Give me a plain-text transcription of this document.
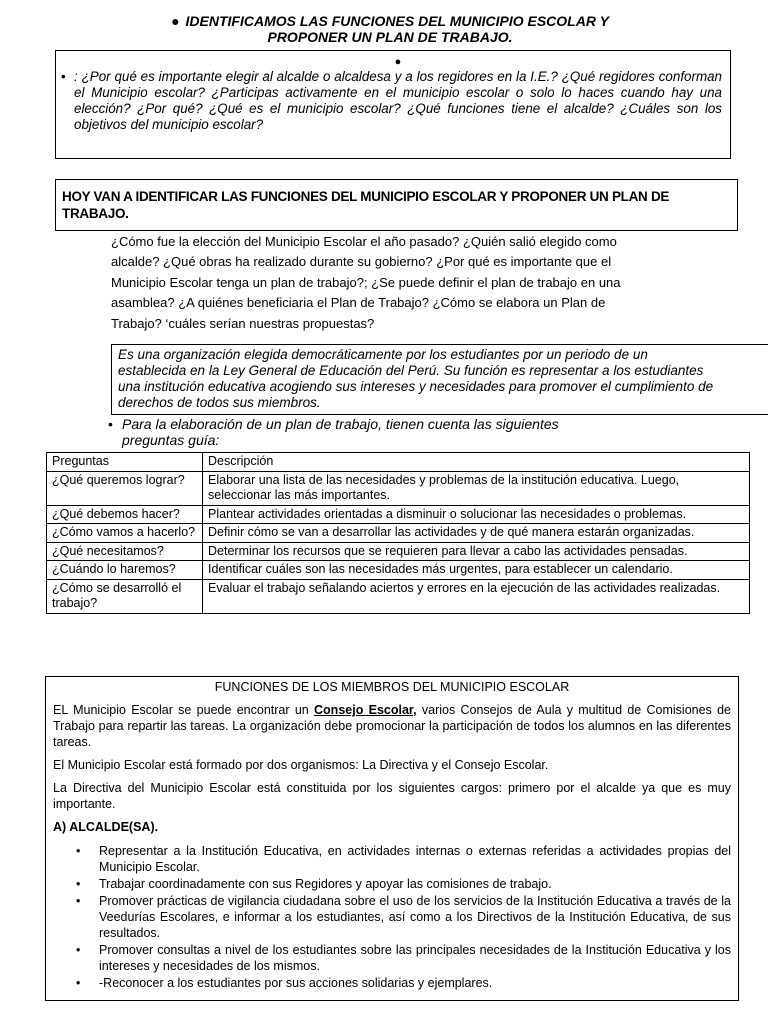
● IDENTIFICAMOS LAS FUNCIONES DEL MUNICIPIO ESCOLAR Y
PROPONER UN PLAN DE TRABAJO.
●
• : ¿Por qué es importante elegir al alcalde o alcaldesa y a los regidores en la I.E.? ¿Qué regidores conforman el Municipio escolar? ¿Participas activamente en el municipio escolar o solo lo haces cuando hay una elección? ¿Por qué? ¿Qué es el municipio escolar? ¿Qué funciones tiene el alcalde? ¿Cuáles son los objetivos del municipio escolar?
HOY VAN A IDENTIFICAR LAS FUNCIONES DEL MUNICIPIO ESCOLAR Y PROPONER UN PLAN DE TRABAJO.
¿Cómo fue la elección del Municipio Escolar el año pasado? ¿Quién salió elegido como alcalde? ¿Qué obras ha realizado durante su gobierno? ¿Por qué es importante que el Municipio Escolar tenga un plan de trabajo?; ¿Se puede definir el plan de trabajo en una asamblea? ¿A quiénes beneficiaria el Plan de Trabajo? ¿Cómo se elabora un Plan de Trabajo? ‘cuáles serían nuestras propuestas?
Es una organización elegida democráticamente por los estudiantes por un periodo de un
establecida en la Ley General de Educación del Perú. Su función es representar a los estudiantes
una institución educativa acogiendo sus intereses y necesidades para promover el cumplimiento de
derechos de todos sus miembros.
• Para la elaboración de un plan de trabajo, tienen cuenta las siguientes
preguntas guía:
Preguntas	Descripción
¿Qué queremos lograr?	Elaborar una lista de las necesidades y problemas de la institución educativa. Luego, seleccionar las más importantes.
¿Qué debemos hacer?	Plantear actividades orientadas a disminuir o solucionar las necesidades o problemas.
¿Cómo vamos a hacerlo?	Definir cómo se van a desarrollar las actividades y de qué manera estarán organizadas.
¿Qué necesitamos?	Determinar los recursos que se requieren para llevar a cabo las actividades pensadas.
¿Cuándo lo haremos?	Identificar cuáles son las necesidades más urgentes, para establecer un calendario.
¿Cómo se desarrolló el trabajo?	Evaluar el trabajo señalando aciertos y errores en la ejecución de las actividades realizadas.
FUNCIONES DE LOS MIEMBROS DEL MUNICIPIO ESCOLAR

EL Municipio Escolar se puede encontrar un Consejo Escolar, varios Consejos de Aula y multitud de Comisiones de Trabajo para repartir las tareas. La organización debe promocionar la participación de todos los alumnos en las diferentes tareas.

El Municipio Escolar está formado por dos organismos: La Directiva y el Consejo Escolar.

La Directiva del Municipio Escolar está constituida por los siguientes cargos: primero por el alcalde ya que es muy importante.

A) ALCALDE(SA).
• Representar a la Institución Educativa, en actividades internas o externas referidas a actividades propias del Municipio Escolar.
• Trabajar coordinadamente con sus Regidores y apoyar las comisiones de trabajo.
• Promover prácticas de vigilancia ciudadana sobre el uso de los servicios de la Institución Educativa a través de la Veedurías Escolares, e informar a los estudiantes, así como a los Directivos de la Institución Educativa, de sus resultados.
• Promover consultas a nivel de los estudiantes sobre las principales necesidades de la Institución Educativa y los intereses y necesidades de los mismos.
• -Reconocer a los estudiantes por sus acciones solidarias y ejemplares.
